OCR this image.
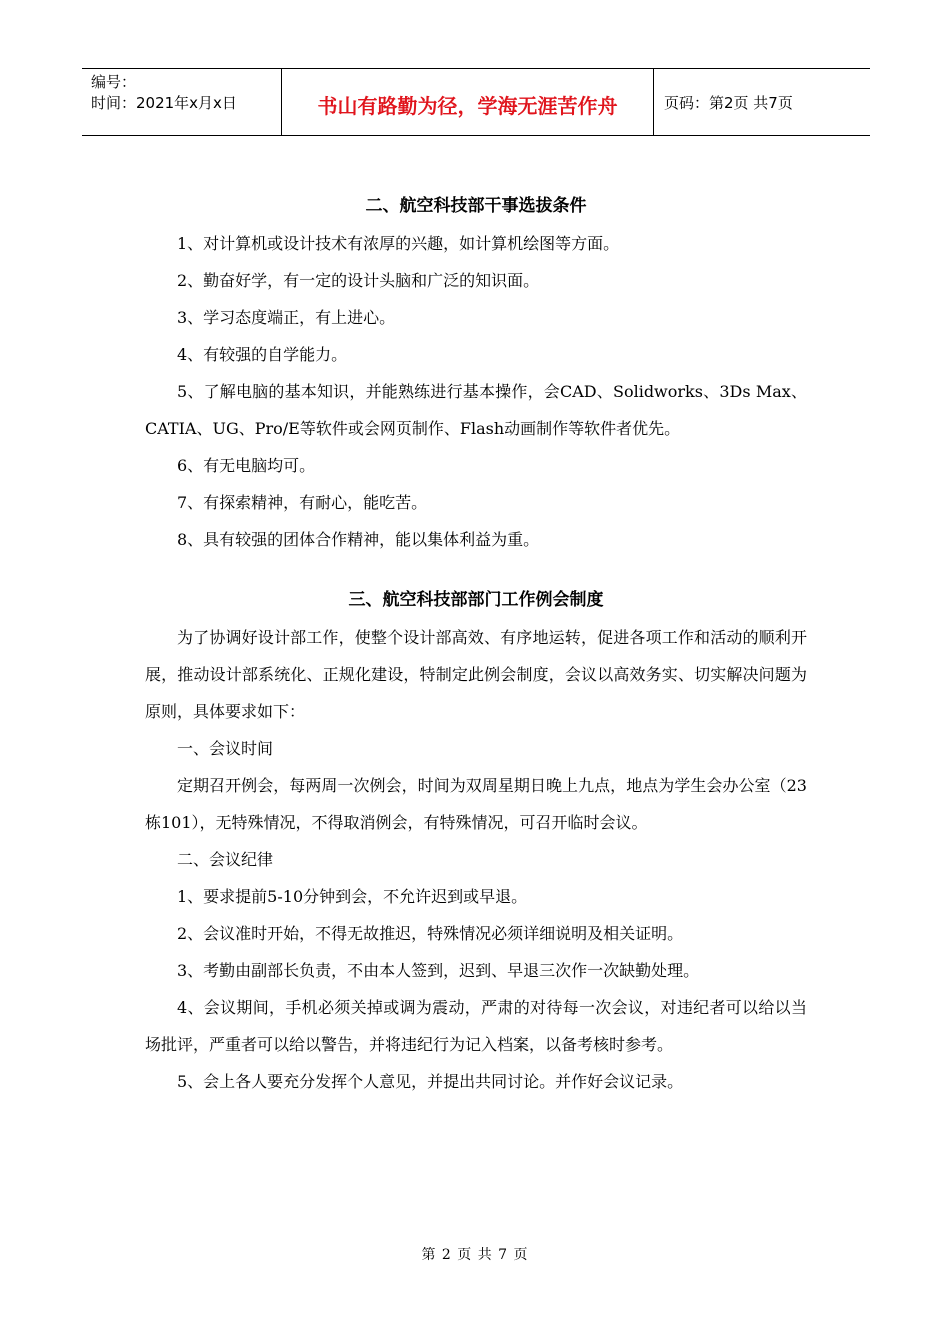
编号：
时间：2021年x月x日	书山有路勤为径，学海无涯苦作舟	页码：第2页 共7页
二、航空科技部干事选拔条件

1、对计算机或设计技术有浓厚的兴趣，如计算机绘图等方面。

2、勤奋好学，有一定的设计头脑和广泛的知识面。

3、学习态度端正，有上进心。

4、有较强的自学能力。

5、了解电脑的基本知识，并能熟练进行基本操作，会CAD、Solidworks、3Ds Max、CATIA、UG、Pro/E等软件或会网页制作、Flash动画制作等软件者优先。

6、有无电脑均可。

7、有探索精神，有耐心，能吃苦。

8、具有较强的团体合作精神，能以集体利益为重。

三、航空科技部部门工作例会制度

为了协调好设计部工作，使整个设计部高效、有序地运转，促进各项工作和活动的顺利开展，推动设计部系统化、正规化建设，特制定此例会制度，会议以高效务实、切实解决问题为原则，具体要求如下：

一、会议时间

定期召开例会，每两周一次例会，时间为双周星期日晚上九点，地点为学生会办公室（23栋101），无特殊情况，不得取消例会，有特殊情况，可召开临时会议。

二、会议纪律

1、要求提前5-10分钟到会，不允许迟到或早退。

2、会议准时开始，不得无故推迟，特殊情况必须详细说明及相关证明。

3、考勤由副部长负责，不由本人签到，迟到、早退三次作一次缺勤处理。

4、会议期间，手机必须关掉或调为震动，严肃的对待每一次会议，对违纪者可以给以当场批评，严重者可以给以警告，并将违纪行为记入档案，以备考核时参考。

5、会上各人要充分发挥个人意见，并提出共同讨论。并作好会议记录。

第 2 页 共 7 页
